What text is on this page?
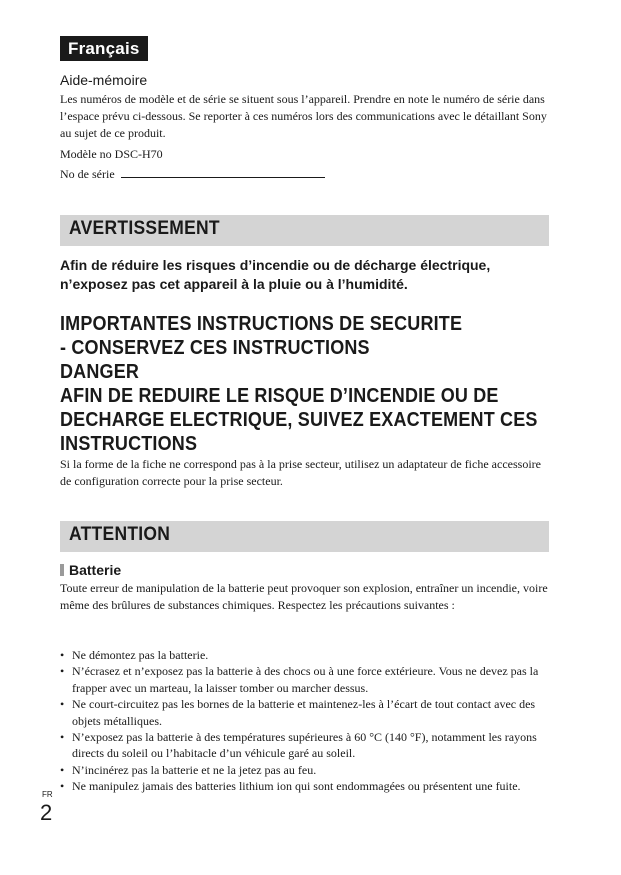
Français
Aide-mémoire
Les numéros de modèle et de série se situent sous l’appareil. Prendre en note le numéro de série dans l’espace prévu ci-dessous. Se reporter à ces numéros lors des communications avec le détaillant Sony au sujet de ce produit.
Modèle no DSC-H70
No de série
AVERTISSEMENT
Afin de réduire les risques d’incendie ou de décharge électrique, n’exposez pas cet appareil à la pluie ou à l’humidité.
IMPORTANTES INSTRUCTIONS DE SECURITE
- CONSERVEZ CES INSTRUCTIONS
DANGER
AFIN DE REDUIRE LE RISQUE D’INCENDIE OU DE
DECHARGE ELECTRIQUE, SUIVEZ EXACTEMENT CES
INSTRUCTIONS
Si la forme de la fiche ne correspond pas à la prise secteur, utilisez un adaptateur de fiche accessoire de configuration correcte pour la prise secteur.
ATTENTION
Batterie
Toute erreur de manipulation de la batterie peut provoquer son explosion, entraîner un incendie, voire même des brûlures de substances chimiques. Respectez les précautions suivantes :
• Ne démontez pas la batterie.
• N’écrasez et n’exposez pas la batterie à des chocs ou à une force extérieure. Vous ne devez pas la frapper avec un marteau, la laisser tomber ou marcher dessus.
• Ne court-circuitez pas les bornes de la batterie et maintenez-les à l’écart de tout contact avec des objets métalliques.
• N’exposez pas la batterie à des températures supérieures à 60 °C (140 °F), notamment les rayons directs du soleil ou l’habitacle d’un véhicule garé au soleil.
• N’incinérez pas la batterie et ne la jetez pas au feu.
• Ne manipulez jamais des batteries lithium ion qui sont endommagées ou présentent une fuite.
FR
2
